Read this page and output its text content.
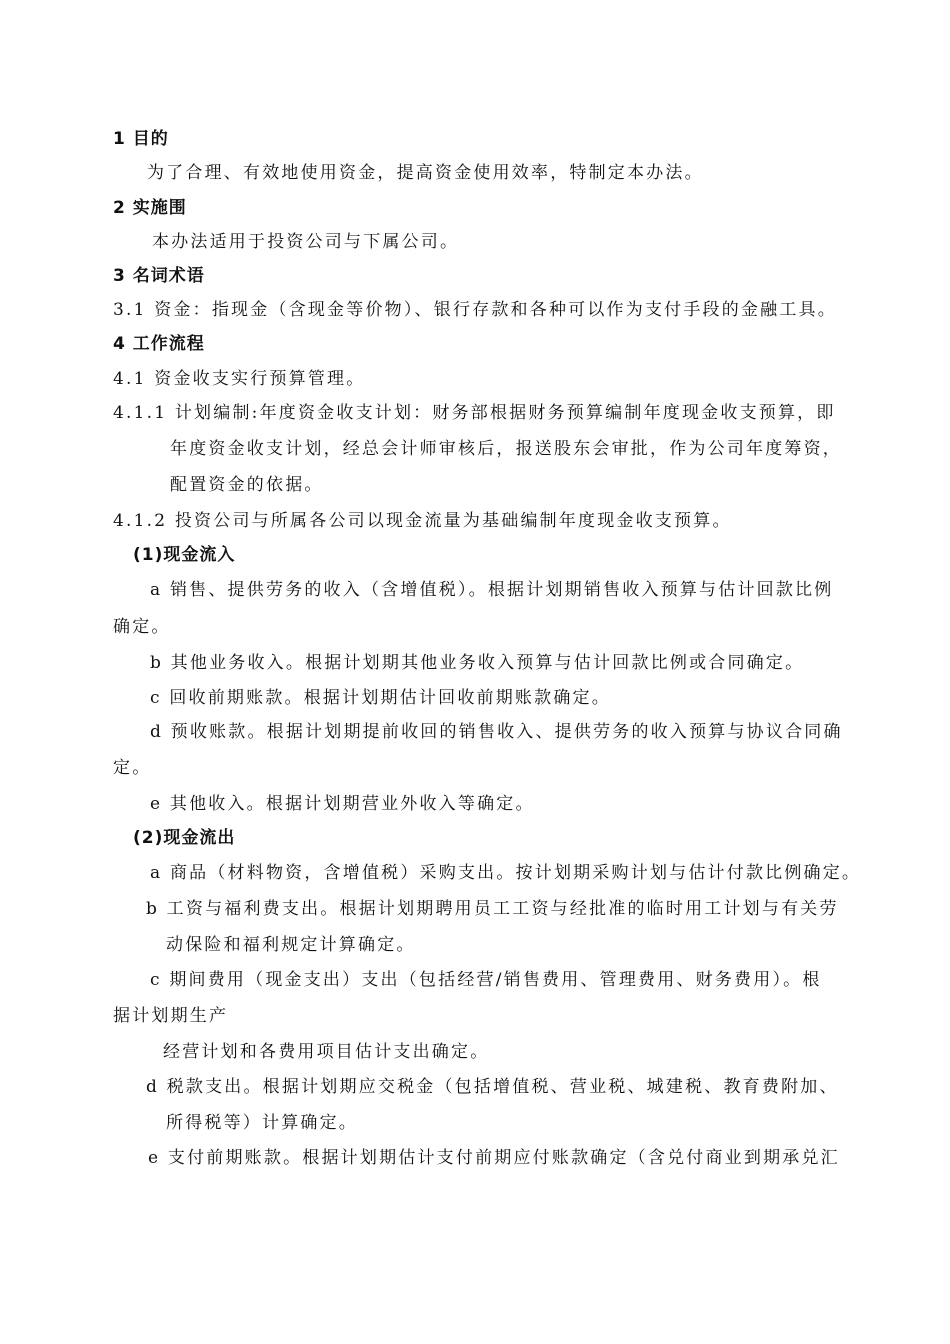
1 目的
为了合理、有效地使用资金，提高资金使用效率，特制定本办法。
2 实施围
本办法适用于投资公司与下属公司。
3 名词术语
3.1 资金：指现金（含现金等价物）、银行存款和各种可以作为支付手段的金融工具。
4 工作流程
4.1 资金收支实行预算管理。
4.1.1 计划编制:年度资金收支计划：财务部根据财务预算编制年度现金收支预算，即
年度资金收支计划，经总会计师审核后，报送股东会审批，作为公司年度筹资，
配置资金的依据。
4.1.2 投资公司与所属各公司以现金流量为基础编制年度现金收支预算。
(1)现金流入
a 销售、提供劳务的收入（含增值税）。根据计划期销售收入预算与估计回款比例
确定。
b 其他业务收入。根据计划期其他业务收入预算与估计回款比例或合同确定。
c 回收前期账款。根据计划期估计回收前期账款确定。
d 预收账款。根据计划期提前收回的销售收入、提供劳务的收入预算与协议合同确
定。
e 其他收入。根据计划期营业外收入等确定。
(2)现金流出
a 商品（材料物资，含增值税）采购支出。按计划期采购计划与估计付款比例确定。
b 工资与福利费支出。根据计划期聘用员工工资与经批准的临时用工计划与有关劳
动保险和福利规定计算确定。
c 期间费用（现金支出）支出（包括经营/销售费用、管理费用、财务费用）。根
据计划期生产
经营计划和各费用项目估计支出确定。
d 税款支出。根据计划期应交税金（包括增值税、营业税、城建税、教育费附加、
所得税等）计算确定。
e 支付前期账款。根据计划期估计支付前期应付账款确定（含兑付商业到期承兑汇
